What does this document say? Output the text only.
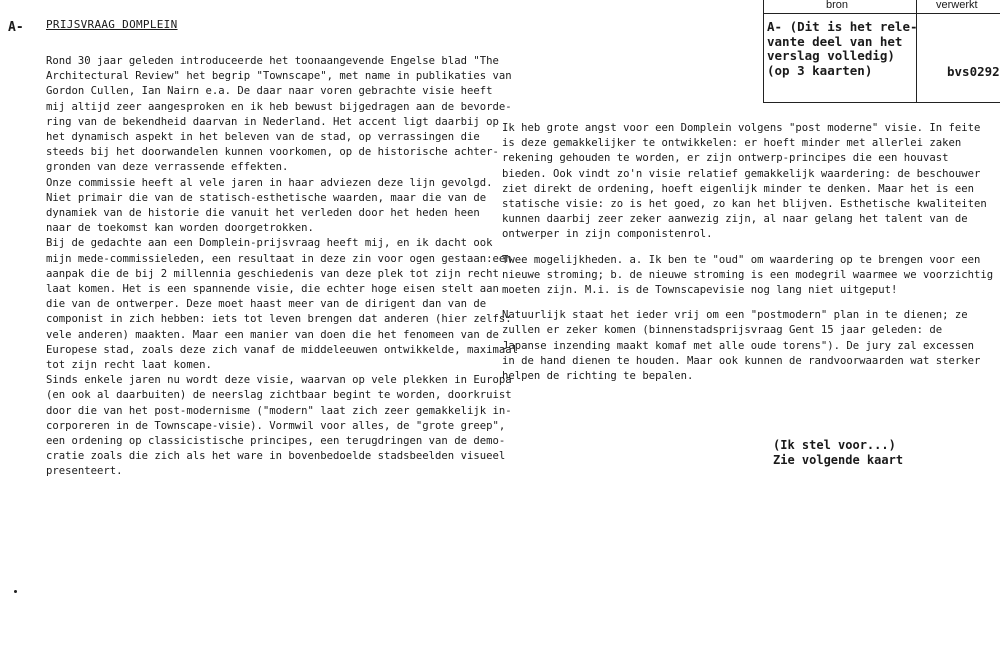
A- PRIJSVRAAG DOMPLEIN
Rond 30 jaar geleden introduceerde het toonaangevende Engelse blad "The
Architectural Review" het begrip "Townscape", met name in publikaties van
Gordon Cullen, Ian Nairn e.a. De daar naar voren gebrachte visie heeft
mij altijd zeer aangesproken en ik heb bewust bijgedragen aan de bevorde-
ring van de bekendheid daarvan in Nederland. Het accent ligt daarbij op
het dynamisch aspekt in het beleven van de stad, op verrassingen die
steeds bij het doorwandelen kunnen voorkomen, op de historische achter-
gronden van deze verrassende effekten.
Onze commissie heeft al vele jaren in haar adviezen deze lijn gevolgd.
Niet primair die van de statisch-esthetische waarden, maar die van de
dynamiek van de historie die vanuit het verleden door het heden heen
naar de toekomst kan worden doorgetrokken.
Bij de gedachte aan een Domplein-prijsvraag heeft mij, en ik dacht ook
mijn mede-commissieleden, een resultaat in deze zin voor ogen gestaan:een
aanpak die de bij 2 millennia geschiedenis van deze plek tot zijn recht
laat komen. Het is een spannende visie, die echter hoge eisen stelt aan
die van de ontwerper. Deze moet haast meer van de dirigent dan van de
componist in zich hebben: iets tot leven brengen dat anderen (hier zelfs:
vele anderen) maakten. Maar een manier van doen die het fenomeen van de
Europese stad, zoals deze zich vanaf de middeleeuwen ontwikkelde, maximaal
tot zijn recht laat komen.
Sinds enkele jaren nu wordt deze visie, waarvan op vele plekken in Europa
(en ook al daarbuiten) de neerslag zichtbaar begint te worden, doorkruist
door die van het post-modernisme ("modern" laat zich zeer gemakkelijk in-
corporeren in de Townscape-visie). Vormwil voor alles, de "grote greep",
een ordening op classicistische principes, een terugdringen van de demo-
cratie zoals die zich als het ware in bovenbedoelde stadsbeelden visueel
presenteert.
Ik heb grote angst voor een Domplein volgens "post moderne" visie. In feite
is deze gemakkelijker te ontwikkelen: er hoeft minder met allerlei zaken
rekening gehouden te worden, er zijn ontwerp-principes die een houvast
bieden. Ook vindt zo'n visie relatief gemakkelijk waardering: de beschouwer
ziet direkt de ordening, hoeft eigenlijk minder te denken. Maar het is een
statische visie: zo is het goed, zo kan het blijven. Esthetische kwaliteiten
kunnen daarbij zeer zeker aanwezig zijn, al naar gelang het talent van de
ontwerper in zijn componistenrol.
Twee mogelijkheden. a. Ik ben te "oud" om waardering op te brengen voor een
nieuwe stroming; b. de nieuwe stroming is een modegril waarmee we voorzichtig
moeten zijn. M.i. is de Townscapevisie nog lang niet uitgeput!
Natuurlijk staat het ieder vrij om een "postmodern" plan in te dienen; ze
zullen er zeker komen (binnenstadsprijsvraag Gent 15 jaar geleden: de
Japanse inzending maakt komaf met alle oude torens"). De jury zal excessen
in de hand dienen te houden. Maar ook kunnen de randvoorwaarden wat sterker
helpen de richting te bepalen.
(Ik stel voor...)
Zie volgende kaart
bron	verwerkt
A- (Dit is het rele-
vante deel van het
verslag volledig)
(op 3 kaarten)	bvs0292
